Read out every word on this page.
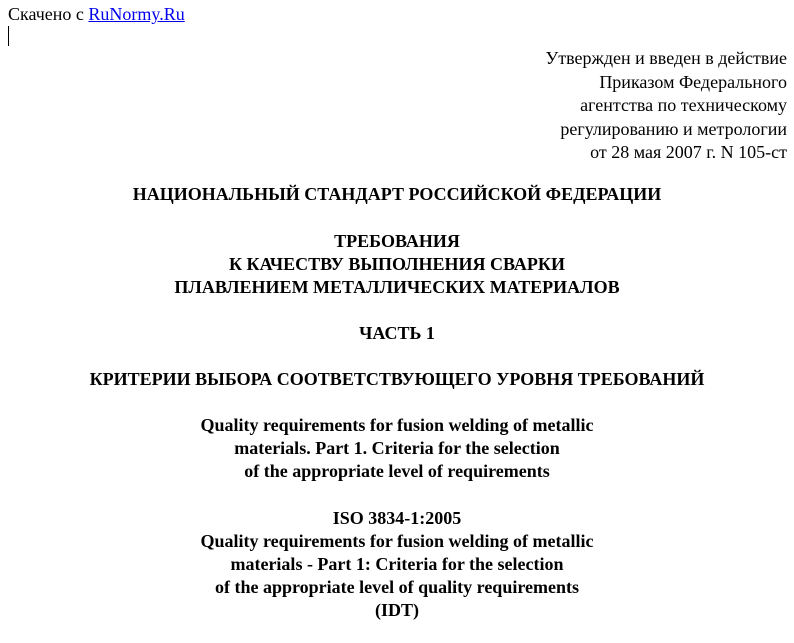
Скачено с RuNormy.Ru
Утвержден и введен в действие
Приказом Федерального
агентства по техническому
регулированию и метрологии
от 28 мая 2007 г. N 105-ст
НАЦИОНАЛЬНЫЙ СТАНДАРТ РОССИЙСКОЙ ФЕДЕРАЦИИ
ТРЕБОВАНИЯ
К КАЧЕСТВУ ВЫПОЛНЕНИЯ СВАРКИ
ПЛАВЛЕНИЕМ МЕТАЛЛИЧЕСКИХ МАТЕРИАЛОВ
ЧАСТЬ 1
КРИТЕРИИ ВЫБОРА СООТВЕТСТВУЮЩЕГО УРОВНЯ ТРЕБОВАНИЙ
Quality requirements for fusion welding of metallic
materials. Part 1. Criteria for the selection
of the appropriate level of requirements
ISO 3834-1:2005
Quality requirements for fusion welding of metallic
materials - Part 1: Criteria for the selection
of the appropriate level of quality requirements
(IDT)
